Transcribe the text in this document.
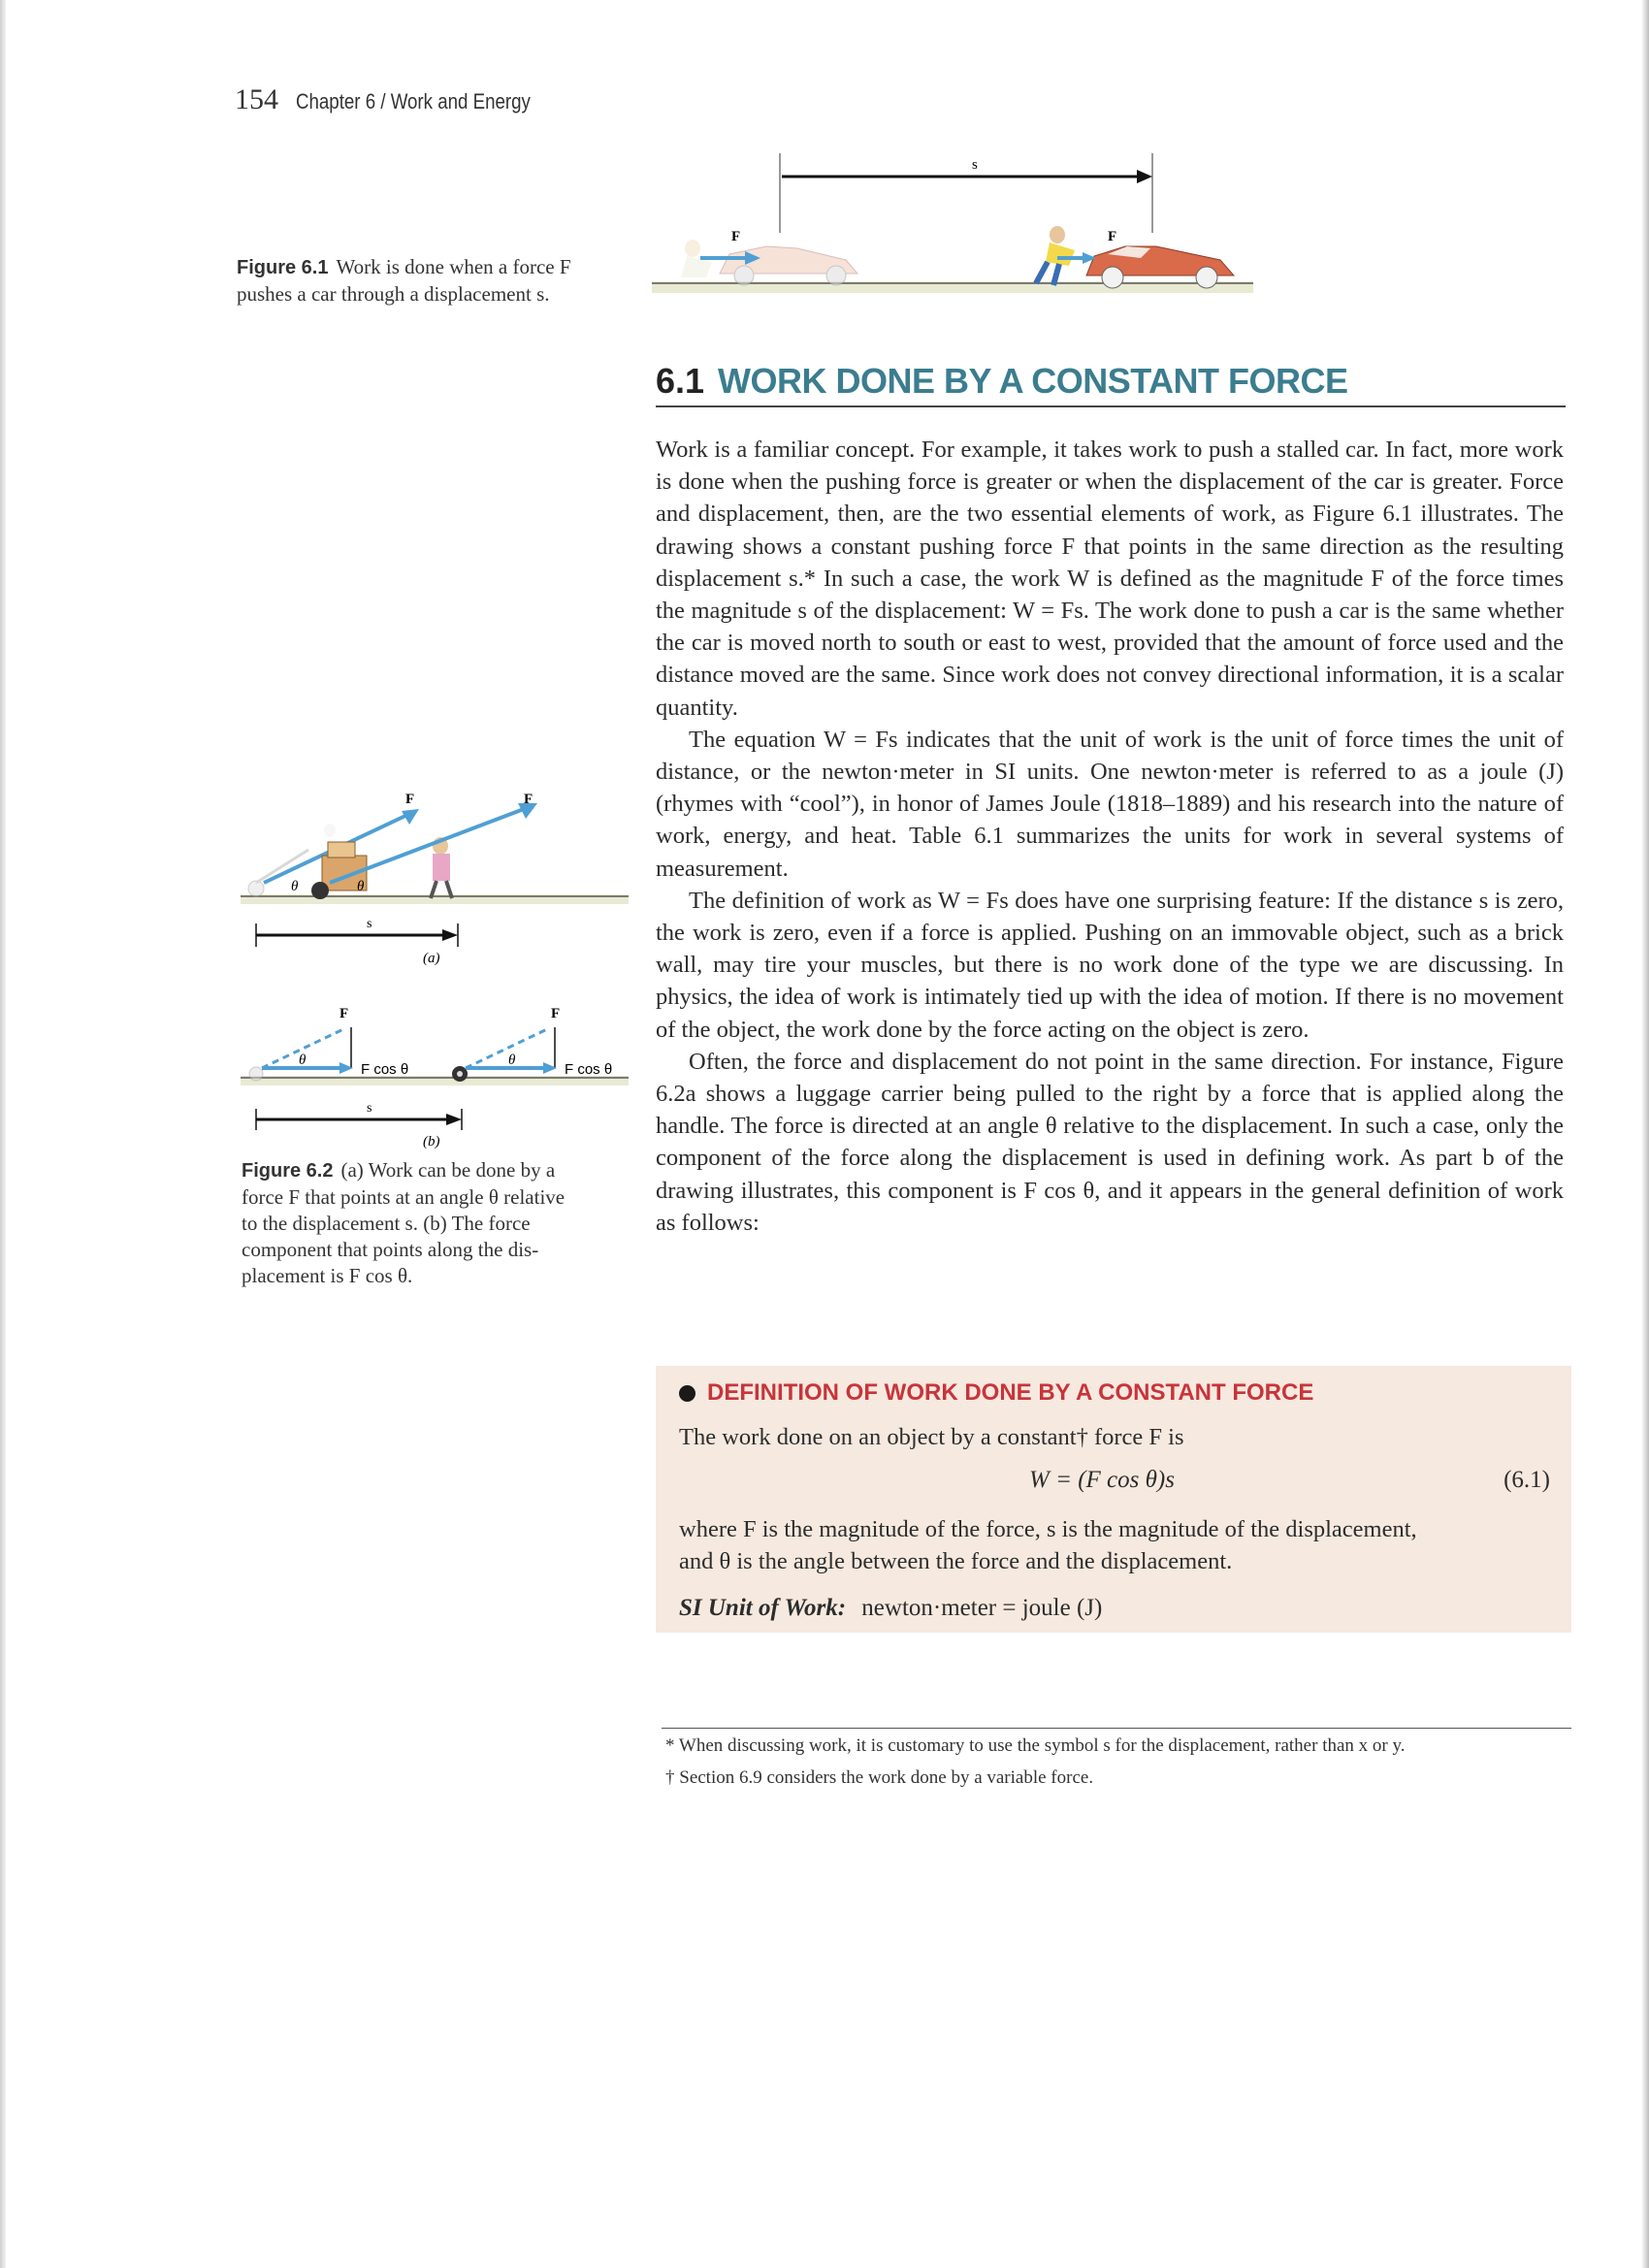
154 Chapter 6 / Work and Energy
Figure 6.1 Work is done when a force F
pushes a car through a displacement s.
s
F	F
6.1 WORK DONE BY A CONSTANT FORCE

Work is a familiar concept. For example, it takes work to push a stalled car. In fact, more work is done when the pushing force is greater or when the displacement of the car is greater. Force and displacement, then, are the two essential elements of work, as Figure 6.1 illustrates. The drawing shows a constant pushing force F that points in the same direction as the resulting displacement s.* In such a case, the work W is defined as the magnitude F of the force times the magnitude s of the displacement: W = Fs. The work done to push a car is the same whether the car is moved north to south or east to west, provided that the amount of force used and the distance moved are the same. Since work does not convey directional information, it is a scalar quantity.

The equation W = Fs indicates that the unit of work is the unit of force times the unit of distance, or the newton·meter in SI units. One newton·meter is referred to as a joule (J) (rhymes with “cool”), in honor of James Joule (1818–1889) and his research into the nature of work, energy, and heat. Table 6.1 summarizes the units for work in several systems of measurement.

The definition of work as W = Fs does have one surprising feature: If the distance s is zero, the work is zero, even if a force is applied. Pushing on an immovable object, such as a brick wall, may tire your muscles, but there is no work done of the type we are discussing. In physics, the idea of work is intimately tied up with the idea of motion. If there is no movement of the object, the work done by the force acting on the object is zero.

Often, the force and displacement do not point in the same direction. For instance, Figure 6.2a shows a luggage carrier being pulled to the right by a force that is applied along the handle. The force is directed at an angle θ relative to the displacement. In such a case, only the component of the force along the displacement is used in defining work. As part b of the drawing illustrates, this component is F cos θ, and it appears in the general definition of work as follows:

F
θ
F
θ
s
(a)
F
θ
F cos θ
F
θ
F cos θ
s
(b)
Figure 6.2 (a) Work can be done by a
force F that points at an angle θ relative
to the displacement s. (b) The force
component that points along the dis-
placement is F cos θ.
DEFINITION OF WORK DONE BY A CONSTANT FORCE
The work done on an object by a constant† force F is
W = (F cos θ)s	(6.1)
where F is the magnitude of the force, s is the magnitude of the displacement,
and θ is the angle between the force and the displacement.
SI Unit of Work: newton·meter = joule (J)
* When discussing work, it is customary to use the symbol s for the displacement, rather than x or y.
† Section 6.9 considers the work done by a variable force.
